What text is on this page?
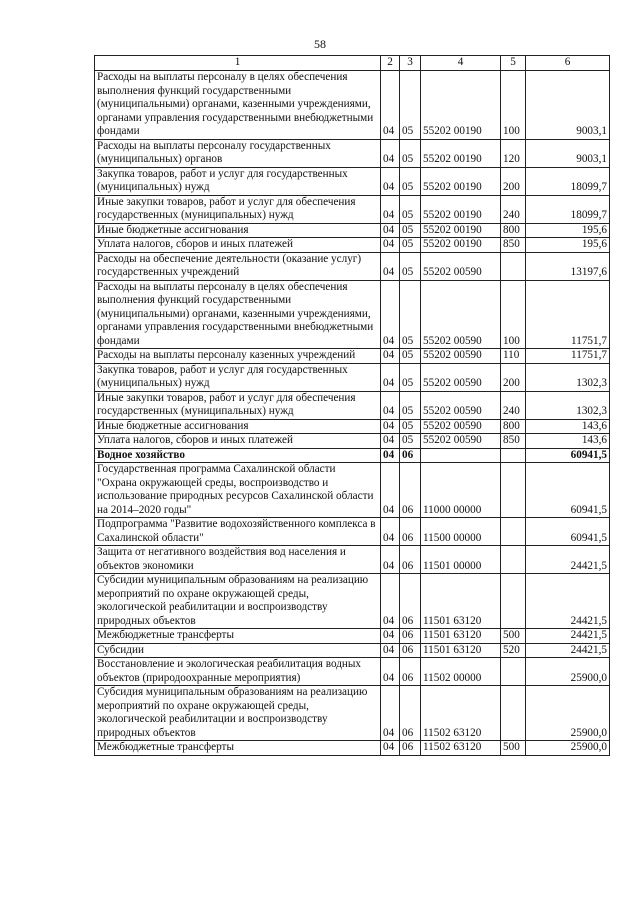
58
1	2	3	4	5	6
Расходы на выплаты персоналу в целях обеспечения выполнения функций государственными (муниципальными) органами, казенными учреждениями, органами управления государственными внебюджетными фондами	04	05	55202 00190	100	9003,1
Расходы на выплаты персоналу государственных (муниципальных) органов	04	05	55202 00190	120	9003,1
Закупка товаров, работ и услуг для государственных (муниципальных) нужд	04	05	55202 00190	200	18099,7
Иные закупки товаров, работ и услуг для обеспечения государственных (муниципальных) нужд	04	05	55202 00190	240	18099,7
Иные бюджетные ассигнования	04	05	55202 00190	800	195,6
Уплата налогов, сборов и иных платежей	04	05	55202 00190	850	195,6
Расходы на обеспечение деятельности (оказание услуг) государственных учреждений	04	05	55202 00590		13197,6
Расходы на выплаты персоналу в целях обеспечения выполнения функций государственными (муниципальными) органами, казенными учреждениями, органами управления государственными внебюджетными фондами	04	05	55202 00590	100	11751,7
Расходы на выплаты персоналу казенных учреждений	04	05	55202 00590	110	11751,7
Закупка товаров, работ и услуг для государственных (муниципальных) нужд	04	05	55202 00590	200	1302,3
Иные закупки товаров, работ и услуг для обеспечения государственных (муниципальных) нужд	04	05	55202 00590	240	1302,3
Иные бюджетные ассигнования	04	05	55202 00590	800	143,6
Уплата налогов, сборов и иных платежей	04	05	55202 00590	850	143,6
Водное хозяйство	04	06			60941,5
Государственная программа Сахалинской области "Охрана окружающей среды, воспроизводство и использование природных ресурсов Сахалинской области на 2014–2020 годы"	04	06	11000 00000		60941,5
Подпрограмма "Развитие водохозяйственного комплекса в Сахалинской области"	04	06	11500 00000		60941,5
Защита от негативного воздействия вод населения и объектов экономики	04	06	11501 00000		24421,5
Субсидии муниципальным образованиям на реализацию мероприятий по охране окружающей среды, экологической реабилитации и воспроизводству природных объектов	04	06	11501 63120		24421,5
Межбюджетные трансферты	04	06	11501 63120	500	24421,5
Субсидии	04	06	11501 63120	520	24421,5
Восстановление и экологическая реабилитация водных объектов (природоохранные мероприятия)	04	06	11502 00000		25900,0
Субсидия муниципальным образованиям на реализацию мероприятий по охране окружающей среды, экологической реабилитации и воспроизводству природных объектов	04	06	11502 63120		25900,0
Межбюджетные трансферты	04	06	11502 63120	500	25900,0
